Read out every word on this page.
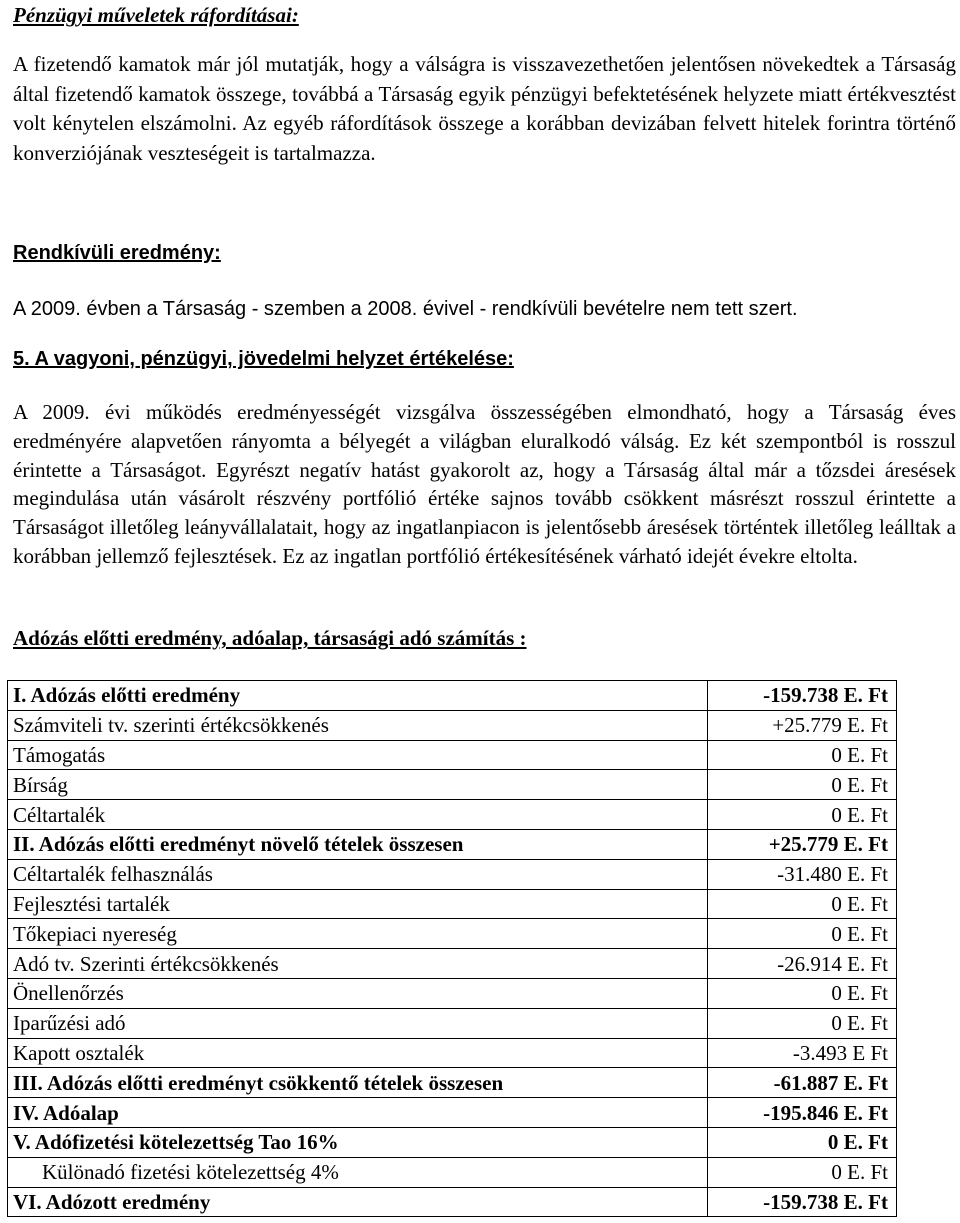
Pénzügyi műveletek ráfordításai:

A fizetendő kamatok már jól mutatják, hogy a válságra is visszavezethetően jelentősen növekedtek a Társaság által fizetendő kamatok összege, továbbá a Társaság egyik pénzügyi befektetésének helyzete miatt értékvesztést volt kénytelen elszámolni. Az egyéb ráfordítások összege a korábban devizában felvett hitelek forintra történő konverziójának veszteségeit is tartalmazza.

Rendkívüli eredmény:

A 2009. évben a Társaság - szemben a 2008. évivel - rendkívüli bevételre nem tett szert.

5. A vagyoni, pénzügyi, jövedelmi helyzet értékelése:

A 2009. évi működés eredményességét vizsgálva összességében elmondható, hogy a Társaság éves eredményére alapvetően rányomta a bélyegét a világban eluralkodó válság. Ez két szempontból is rosszul érintette a Társaságot. Egyrészt negatív hatást gyakorolt az, hogy a Társaság által már a tőzsdei áresések megindulása után vásárolt részvény portfólió értéke sajnos tovább csökkent másrészt rosszul érintette a Társaságot illetőleg leányvállalatait, hogy az ingatlanpiacon is jelentősebb áresések történtek illetőleg leálltak a korábban jellemző fejlesztések. Ez az ingatlan portfólió értékesítésének várható idejét évekre eltolta.

Adózás előtti eredmény, adóalap, társasági adó számítás :
I. Adózás előtti eredmény	-159.738 E. Ft
Számviteli tv. szerinti értékcsökkenés	+25.779 E. Ft
Támogatás	0 E. Ft
Bírság	0 E. Ft
Céltartalék	0 E. Ft
II. Adózás előtti eredményt növelő tételek összesen	+25.779 E. Ft
Céltartalék felhasználás	-31.480 E. Ft
Fejlesztési tartalék	0 E. Ft
Tőkepiaci nyereség	0 E. Ft
Adó tv. Szerinti értékcsökkenés	-26.914 E. Ft
Önellenőrzés	0 E. Ft
Iparűzési adó	0 E. Ft
Kapott osztalék	-3.493 E Ft
III. Adózás előtti eredményt csökkentő tételek összesen	-61.887 E. Ft
IV. Adóalap	-195.846 E. Ft
V. Adófizetési kötelezettség Tao 16%	0 E. Ft
Különadó fizetési kötelezettség 4%	0 E. Ft
VI. Adózott eredmény	-159.738 E. Ft
